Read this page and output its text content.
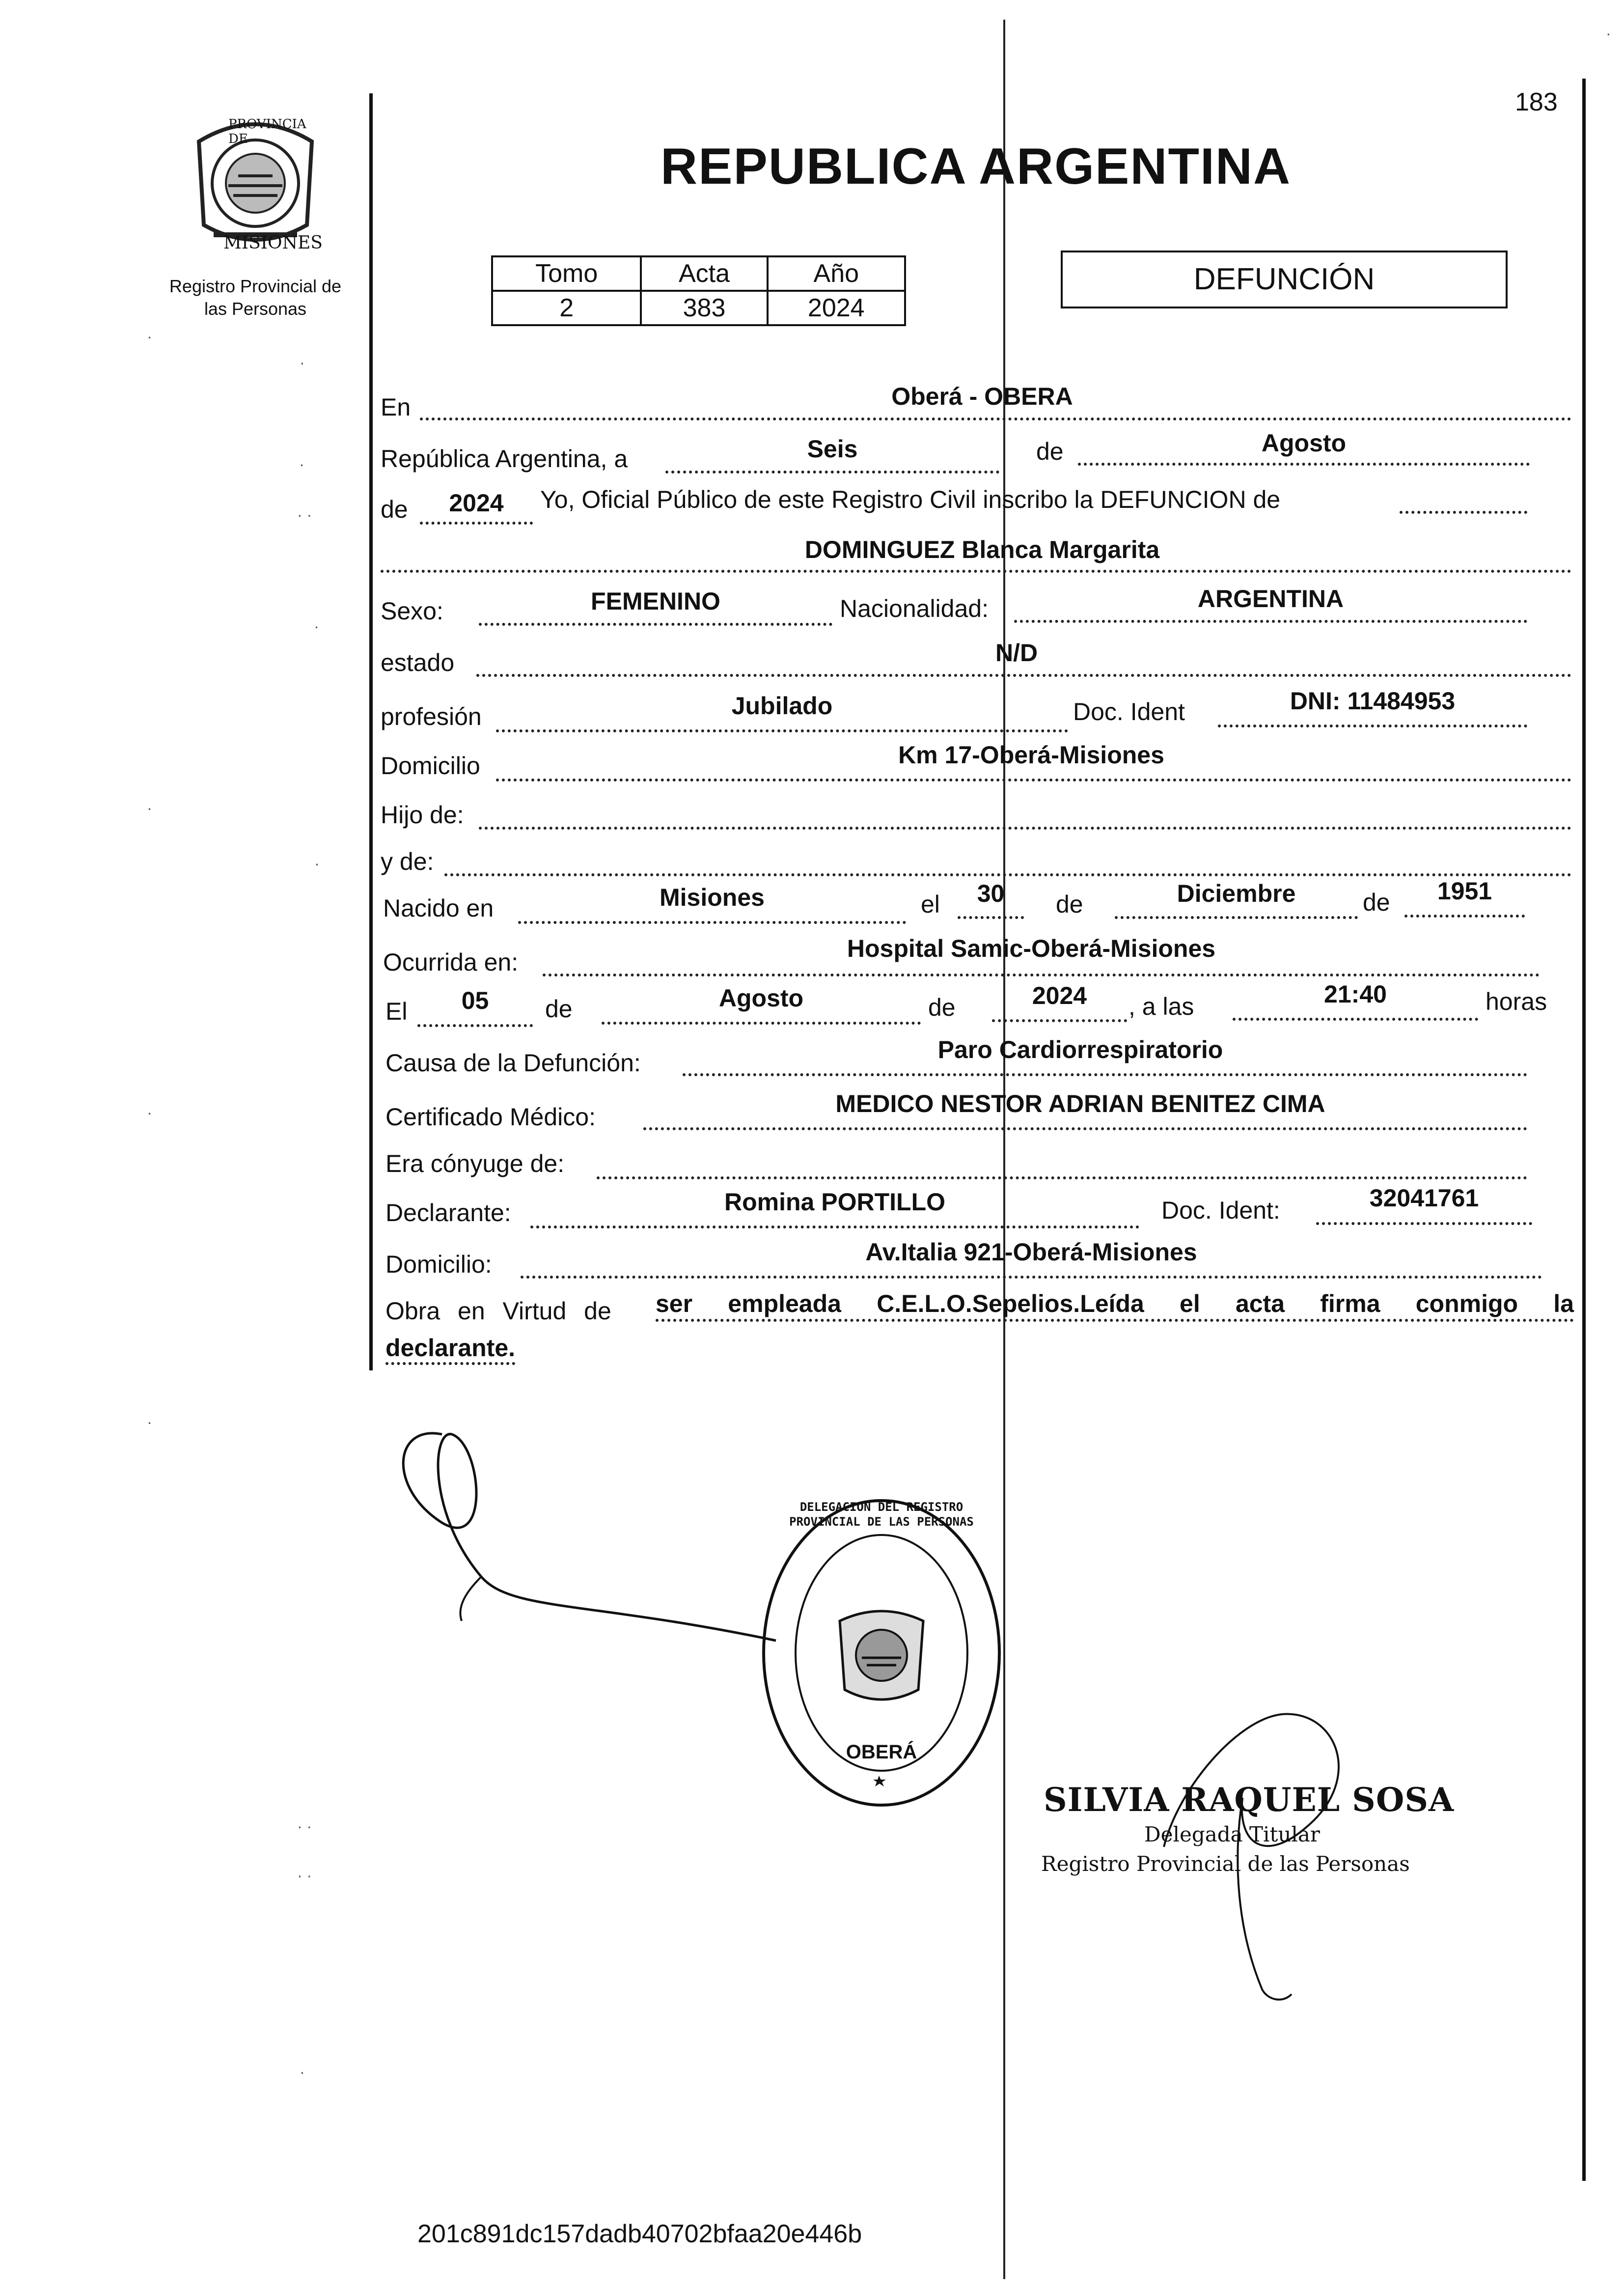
183
PROVINCIA DE
MISIONES
Registro Provincial de
las Personas
REPUBLICA ARGENTINA
Tomo	Acta	Año
2	383	2024
DEFUNCIÓN
En	Oberá - OBERA
República Argentina, a	Seis	de	Agosto
de	2024	Yo, Oficial Público de este Registro Civil inscribo la DEFUNCION de
DOMINGUEZ Blanca Margarita
Sexo:	FEMENINO	Nacionalidad:	ARGENTINA
estado	N/D
profesión	Jubilado	Doc. Ident	DNI: 11484953
Domicilio	Km 17-Oberá-Misiones
Hijo de:
y de:
Nacido en	Misiones	el	30	de	Diciembre	de	1951
Ocurrida en:	Hospital Samic-Oberá-Misiones
El	05	de	Agosto	de	2024	, a las	21:40	horas
Causa de la Defunción:	Paro Cardiorrespiratorio
Certificado Médico:	MEDICO NESTOR ADRIAN BENITEZ CIMA
Era cónyuge de:
Declarante:	Romina PORTILLO	Doc. Ident:	32041761
Domicilio:	Av.Italia 921-Oberá-Misiones
Obra en Virtud de ser empleada C.E.L.O.Sepelios.Leída el acta firma conmigo la
declarante.
DELEGACION DEL REGISTRO PROVINCIAL DE LAS PERSONAS
OBERÁ
SILVIA RAQUEL SOSA
Delegada Titular
Registro Provincial de las Personas
201c891dc157dadb40702bfaa20e446b
.
·
.
· ·
.
.
·
.
.
· ·
· ·
·
·
